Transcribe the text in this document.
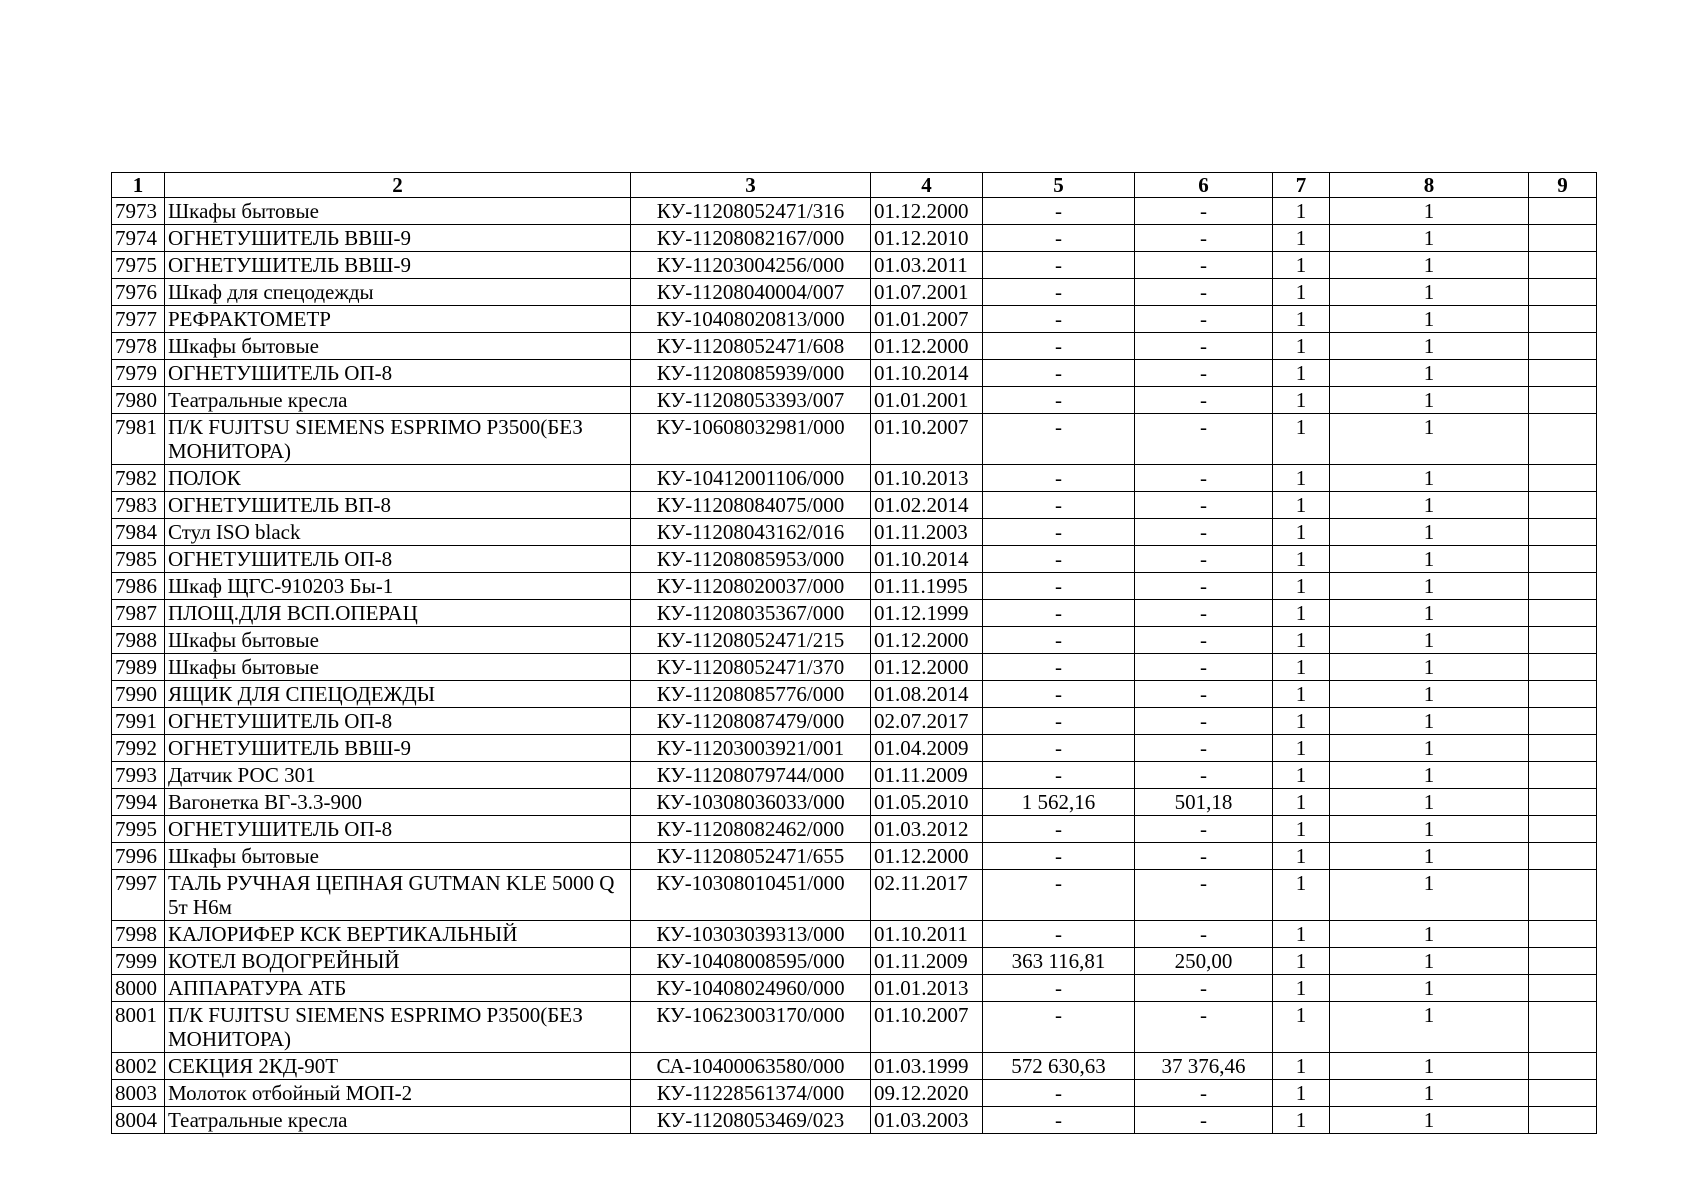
1	2	3	4	5	6	7	8	9
7973	Шкафы бытовые	КУ-11208052471/316	01.12.2000	-	-	1	1	
7974	ОГНЕТУШИТЕЛЬ ВВШ-9	КУ-11208082167/000	01.12.2010	-	-	1	1	
7975	ОГНЕТУШИТЕЛЬ ВВШ-9	КУ-11203004256/000	01.03.2011	-	-	1	1	
7976	Шкаф для спецодежды	КУ-11208040004/007	01.07.2001	-	-	1	1	
7977	РЕФРАКТОМЕТР	КУ-10408020813/000	01.01.2007	-	-	1	1	
7978	Шкафы бытовые	КУ-11208052471/608	01.12.2000	-	-	1	1	
7979	ОГНЕТУШИТЕЛЬ ОП-8	КУ-11208085939/000	01.10.2014	-	-	1	1	
7980	Театральные кресла	КУ-11208053393/007	01.01.2001	-	-	1	1	
7981	П/К FUJITSU SIEMENS ESPRIMO P3500(БЕЗ МОНИТОРА)	КУ-10608032981/000	01.10.2007	-	-	1	1	
7982	ПОЛОК	КУ-10412001106/000	01.10.2013	-	-	1	1	
7983	ОГНЕТУШИТЕЛЬ ВП-8	КУ-11208084075/000	01.02.2014	-	-	1	1	
7984	Стул ISO black	КУ-11208043162/016	01.11.2003	-	-	1	1	
7985	ОГНЕТУШИТЕЛЬ ОП-8	КУ-11208085953/000	01.10.2014	-	-	1	1	
7986	Шкаф ЩГС-910203 Бы-1	КУ-11208020037/000	01.11.1995	-	-	1	1	
7987	ПЛОЩ.ДЛЯ ВСП.ОПЕРАЦ	КУ-11208035367/000	01.12.1999	-	-	1	1	
7988	Шкафы бытовые	КУ-11208052471/215	01.12.2000	-	-	1	1	
7989	Шкафы бытовые	КУ-11208052471/370	01.12.2000	-	-	1	1	
7990	ЯЩИК ДЛЯ СПЕЦОДЕЖДЫ	КУ-11208085776/000	01.08.2014	-	-	1	1	
7991	ОГНЕТУШИТЕЛЬ ОП-8	КУ-11208087479/000	02.07.2017	-	-	1	1	
7992	ОГНЕТУШИТЕЛЬ ВВШ-9	КУ-11203003921/001	01.04.2009	-	-	1	1	
7993	Датчик РОС 301	КУ-11208079744/000	01.11.2009	-	-	1	1	
7994	Вагонетка ВГ-3.3-900	КУ-10308036033/000	01.05.2010	1 562,16	501,18	1	1	
7995	ОГНЕТУШИТЕЛЬ ОП-8	КУ-11208082462/000	01.03.2012	-	-	1	1	
7996	Шкафы бытовые	КУ-11208052471/655	01.12.2000	-	-	1	1	
7997	ТАЛЬ РУЧНАЯ ЦЕПНАЯ GUTMAN KLE 5000 Q 5т Н6м	КУ-10308010451/000	02.11.2017	-	-	1	1	
7998	КАЛОРИФЕР КСК ВЕРТИКАЛЬНЫЙ	КУ-10303039313/000	01.10.2011	-	-	1	1	
7999	КОТЕЛ ВОДОГРЕЙНЫЙ	КУ-10408008595/000	01.11.2009	363 116,81	250,00	1	1	
8000	АППАРАТУРА АТБ	КУ-10408024960/000	01.01.2013	-	-	1	1	
8001	П/К FUJITSU SIEMENS ESPRIMO P3500(БЕЗ МОНИТОРА)	КУ-10623003170/000	01.10.2007	-	-	1	1	
8002	СЕКЦИЯ 2КД-90Т	СА-10400063580/000	01.03.1999	572 630,63	37 376,46	1	1	
8003	Молоток отбойный МОП-2	КУ-11228561374/000	09.12.2020	-	-	1	1	
8004	Театральные кресла	КУ-11208053469/023	01.03.2003	-	-	1	1	
